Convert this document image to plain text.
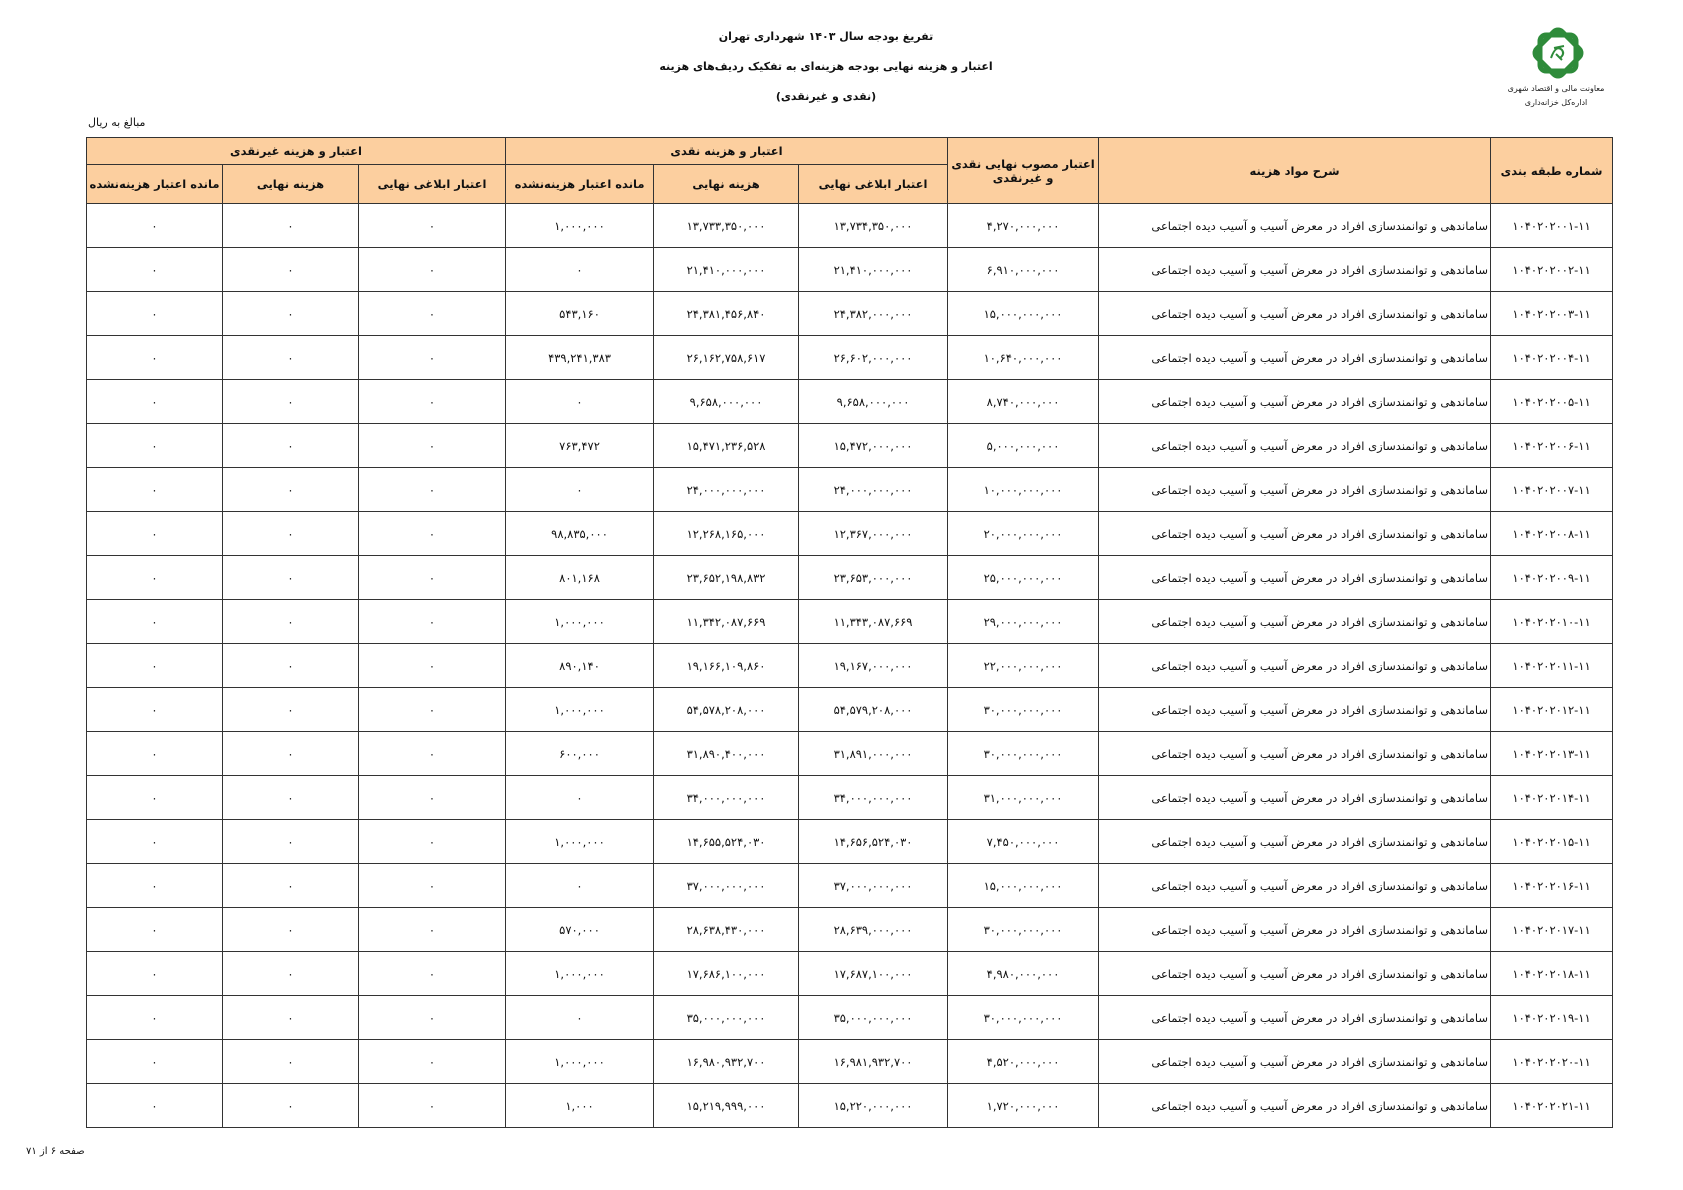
تفریغ بودجه سال ۱۴۰۳ شهرداری تهران
اعتبار و هزینه نهایی بودجه هزینه‌ای به تفکیک ردیف‌های هزینه
(نقدی و غیرنقدی)
معاونت مالی و اقتصاد شهری
اداره‌کل خزانه‌داری
مبالغ به ریال
شماره طبقه بندی	شرح مواد هزینه	اعتبار مصوب نهایی نقدی و غیرنقدی	اعتبار و هزینه نقدی			اعتبار و هزینه غیرنقدی		
			اعتبار ابلاغی نهایی	هزینه نهایی	مانده اعتبار هزینه‌نشده	اعتبار ابلاغی نهایی	هزینه نهایی	مانده اعتبار هزینه‌نشده
۱۰۴۰۲۰۲۰۰۱-۱۱	ساماندهی و توانمندسازی افراد در معرض آسیب و آسیب دیده اجتماعی	۴,۲۷۰,۰۰۰,۰۰۰	۱۳,۷۳۴,۳۵۰,۰۰۰	۱۳,۷۳۳,۳۵۰,۰۰۰	۱,۰۰۰,۰۰۰	۰	۰	۰
۱۰۴۰۲۰۲۰۰۲-۱۱	ساماندهی و توانمندسازی افراد در معرض آسیب و آسیب دیده اجتماعی	۶,۹۱۰,۰۰۰,۰۰۰	۲۱,۴۱۰,۰۰۰,۰۰۰	۲۱,۴۱۰,۰۰۰,۰۰۰	۰	۰	۰	۰
۱۰۴۰۲۰۲۰۰۳-۱۱	ساماندهی و توانمندسازی افراد در معرض آسیب و آسیب دیده اجتماعی	۱۵,۰۰۰,۰۰۰,۰۰۰	۲۴,۳۸۲,۰۰۰,۰۰۰	۲۴,۳۸۱,۴۵۶,۸۴۰	۵۴۳,۱۶۰	۰	۰	۰
۱۰۴۰۲۰۲۰۰۴-۱۱	ساماندهی و توانمندسازی افراد در معرض آسیب و آسیب دیده اجتماعی	۱۰,۶۴۰,۰۰۰,۰۰۰	۲۶,۶۰۲,۰۰۰,۰۰۰	۲۶,۱۶۲,۷۵۸,۶۱۷	۴۳۹,۲۴۱,۳۸۳	۰	۰	۰
۱۰۴۰۲۰۲۰۰۵-۱۱	ساماندهی و توانمندسازی افراد در معرض آسیب و آسیب دیده اجتماعی	۸,۷۴۰,۰۰۰,۰۰۰	۹,۶۵۸,۰۰۰,۰۰۰	۹,۶۵۸,۰۰۰,۰۰۰	۰	۰	۰	۰
۱۰۴۰۲۰۲۰۰۶-۱۱	ساماندهی و توانمندسازی افراد در معرض آسیب و آسیب دیده اجتماعی	۵,۰۰۰,۰۰۰,۰۰۰	۱۵,۴۷۲,۰۰۰,۰۰۰	۱۵,۴۷۱,۲۳۶,۵۲۸	۷۶۳,۴۷۲	۰	۰	۰
۱۰۴۰۲۰۲۰۰۷-۱۱	ساماندهی و توانمندسازی افراد در معرض آسیب و آسیب دیده اجتماعی	۱۰,۰۰۰,۰۰۰,۰۰۰	۲۴,۰۰۰,۰۰۰,۰۰۰	۲۴,۰۰۰,۰۰۰,۰۰۰	۰	۰	۰	۰
۱۰۴۰۲۰۲۰۰۸-۱۱	ساماندهی و توانمندسازی افراد در معرض آسیب و آسیب دیده اجتماعی	۲۰,۰۰۰,۰۰۰,۰۰۰	۱۲,۳۶۷,۰۰۰,۰۰۰	۱۲,۲۶۸,۱۶۵,۰۰۰	۹۸,۸۳۵,۰۰۰	۰	۰	۰
۱۰۴۰۲۰۲۰۰۹-۱۱	ساماندهی و توانمندسازی افراد در معرض آسیب و آسیب دیده اجتماعی	۲۵,۰۰۰,۰۰۰,۰۰۰	۲۳,۶۵۳,۰۰۰,۰۰۰	۲۳,۶۵۲,۱۹۸,۸۳۲	۸۰۱,۱۶۸	۰	۰	۰
۱۰۴۰۲۰۲۰۱۰-۱۱	ساماندهی و توانمندسازی افراد در معرض آسیب و آسیب دیده اجتماعی	۲۹,۰۰۰,۰۰۰,۰۰۰	۱۱,۳۴۳,۰۸۷,۶۶۹	۱۱,۳۴۲,۰۸۷,۶۶۹	۱,۰۰۰,۰۰۰	۰	۰	۰
۱۰۴۰۲۰۲۰۱۱-۱۱	ساماندهی و توانمندسازی افراد در معرض آسیب و آسیب دیده اجتماعی	۲۲,۰۰۰,۰۰۰,۰۰۰	۱۹,۱۶۷,۰۰۰,۰۰۰	۱۹,۱۶۶,۱۰۹,۸۶۰	۸۹۰,۱۴۰	۰	۰	۰
۱۰۴۰۲۰۲۰۱۲-۱۱	ساماندهی و توانمندسازی افراد در معرض آسیب و آسیب دیده اجتماعی	۳۰,۰۰۰,۰۰۰,۰۰۰	۵۴,۵۷۹,۲۰۸,۰۰۰	۵۴,۵۷۸,۲۰۸,۰۰۰	۱,۰۰۰,۰۰۰	۰	۰	۰
۱۰۴۰۲۰۲۰۱۳-۱۱	ساماندهی و توانمندسازی افراد در معرض آسیب و آسیب دیده اجتماعی	۳۰,۰۰۰,۰۰۰,۰۰۰	۳۱,۸۹۱,۰۰۰,۰۰۰	۳۱,۸۹۰,۴۰۰,۰۰۰	۶۰۰,۰۰۰	۰	۰	۰
۱۰۴۰۲۰۲۰۱۴-۱۱	ساماندهی و توانمندسازی افراد در معرض آسیب و آسیب دیده اجتماعی	۳۱,۰۰۰,۰۰۰,۰۰۰	۳۴,۰۰۰,۰۰۰,۰۰۰	۳۴,۰۰۰,۰۰۰,۰۰۰	۰	۰	۰	۰
۱۰۴۰۲۰۲۰۱۵-۱۱	ساماندهی و توانمندسازی افراد در معرض آسیب و آسیب دیده اجتماعی	۷,۴۵۰,۰۰۰,۰۰۰	۱۴,۶۵۶,۵۲۴,۰۳۰	۱۴,۶۵۵,۵۲۴,۰۳۰	۱,۰۰۰,۰۰۰	۰	۰	۰
۱۰۴۰۲۰۲۰۱۶-۱۱	ساماندهی و توانمندسازی افراد در معرض آسیب و آسیب دیده اجتماعی	۱۵,۰۰۰,۰۰۰,۰۰۰	۳۷,۰۰۰,۰۰۰,۰۰۰	۳۷,۰۰۰,۰۰۰,۰۰۰	۰	۰	۰	۰
۱۰۴۰۲۰۲۰۱۷-۱۱	ساماندهی و توانمندسازی افراد در معرض آسیب و آسیب دیده اجتماعی	۳۰,۰۰۰,۰۰۰,۰۰۰	۲۸,۶۳۹,۰۰۰,۰۰۰	۲۸,۶۳۸,۴۳۰,۰۰۰	۵۷۰,۰۰۰	۰	۰	۰
۱۰۴۰۲۰۲۰۱۸-۱۱	ساماندهی و توانمندسازی افراد در معرض آسیب و آسیب دیده اجتماعی	۴,۹۸۰,۰۰۰,۰۰۰	۱۷,۶۸۷,۱۰۰,۰۰۰	۱۷,۶۸۶,۱۰۰,۰۰۰	۱,۰۰۰,۰۰۰	۰	۰	۰
۱۰۴۰۲۰۲۰۱۹-۱۱	ساماندهی و توانمندسازی افراد در معرض آسیب و آسیب دیده اجتماعی	۳۰,۰۰۰,۰۰۰,۰۰۰	۳۵,۰۰۰,۰۰۰,۰۰۰	۳۵,۰۰۰,۰۰۰,۰۰۰	۰	۰	۰	۰
۱۰۴۰۲۰۲۰۲۰-۱۱	ساماندهی و توانمندسازی افراد در معرض آسیب و آسیب دیده اجتماعی	۴,۵۲۰,۰۰۰,۰۰۰	۱۶,۹۸۱,۹۳۲,۷۰۰	۱۶,۹۸۰,۹۳۲,۷۰۰	۱,۰۰۰,۰۰۰	۰	۰	۰
۱۰۴۰۲۰۲۰۲۱-۱۱	ساماندهی و توانمندسازی افراد در معرض آسیب و آسیب دیده اجتماعی	۱,۷۲۰,۰۰۰,۰۰۰	۱۵,۲۲۰,۰۰۰,۰۰۰	۱۵,۲۱۹,۹۹۹,۰۰۰	۱,۰۰۰	۰	۰	۰
صفحه ۶ از ۷۱
